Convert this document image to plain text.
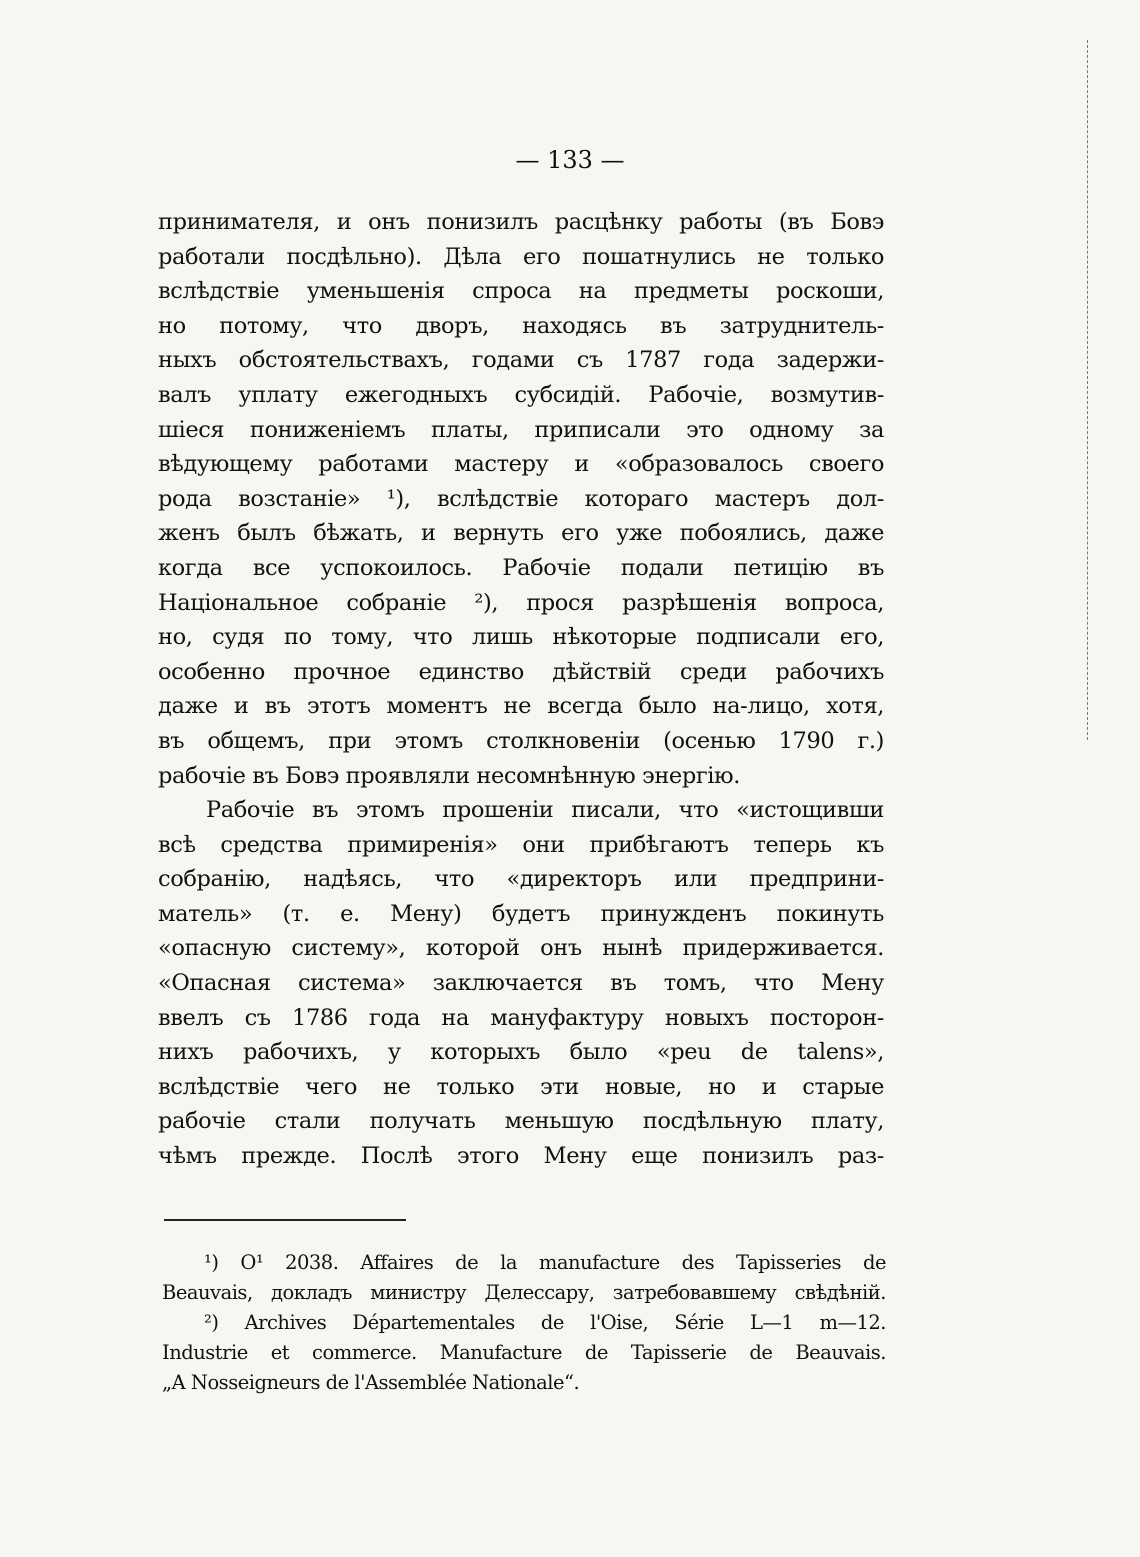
— 133 —
принимателя, и онъ понизилъ расцѣнку работы (въ Бовэ
работали посдѣльно). Дѣла его пошатнулись не только
вслѣдствіе уменьшенія спроса на предметы роскоши,
но потому, что дворъ, находясь въ затруднитель-
ныхъ обстоятельствахъ, годами съ 1787 года задержи-
валъ уплату ежегодныхъ субсидій. Рабочіе, возмутив-
шіеся пониженіемъ платы, приписали это одному за
вѣдующему работами мастеру и «образовалось своего
рода возстаніе» ¹), вслѣдствіе котораго мастеръ дол-
женъ былъ бѣжать, и вернуть его уже побоялись, даже
когда все успокоилось. Рабочіе подали петицію въ
Національное собраніе ²), прося разрѣшенія вопроса,
но, судя по тому, что лишь нѣкоторые подписали его,
особенно прочное единство дѣйствій среди рабочихъ
даже и въ этотъ моментъ не всегда было на-лицо, хотя,
въ общемъ, при этомъ столкновеніи (осенью 1790 г.)
рабочіе въ Бовэ проявляли несомнѣнную энергію.
Рабочіе въ этомъ прошеніи писали, что «истощивши
всѣ средства примиренія» они прибѣгаютъ теперь къ
собранію, надѣясь, что «директоръ или предприни-
матель» (т. е. Мену) будетъ принужденъ покинуть
«опасную систему», которой онъ нынѣ придерживается.
«Опасная система» заключается въ томъ, что Мену
ввелъ съ 1786 года на мануфактуру новыхъ посторон-
нихъ рабочихъ, у которыхъ было «peu de talens»,
вслѣдствіе чего не только эти новые, но и старые
рабочіе стали получать меньшую посдѣльную плату,
чѣмъ прежде. Послѣ этого Мену еще понизилъ раз-
¹) О¹ 2038. Affaires de la manufacture des Tapisseries de
Beauvais, докладъ министру Делессару, затребовавшему свѣдѣній.
²) Archives Départementales de l'Oise, Série L—1 m—12.
Industrie et commerce. Manufacture de Tapisserie de Beauvais.
„A Nosseigneurs de l'Assemblée Nationale“.
